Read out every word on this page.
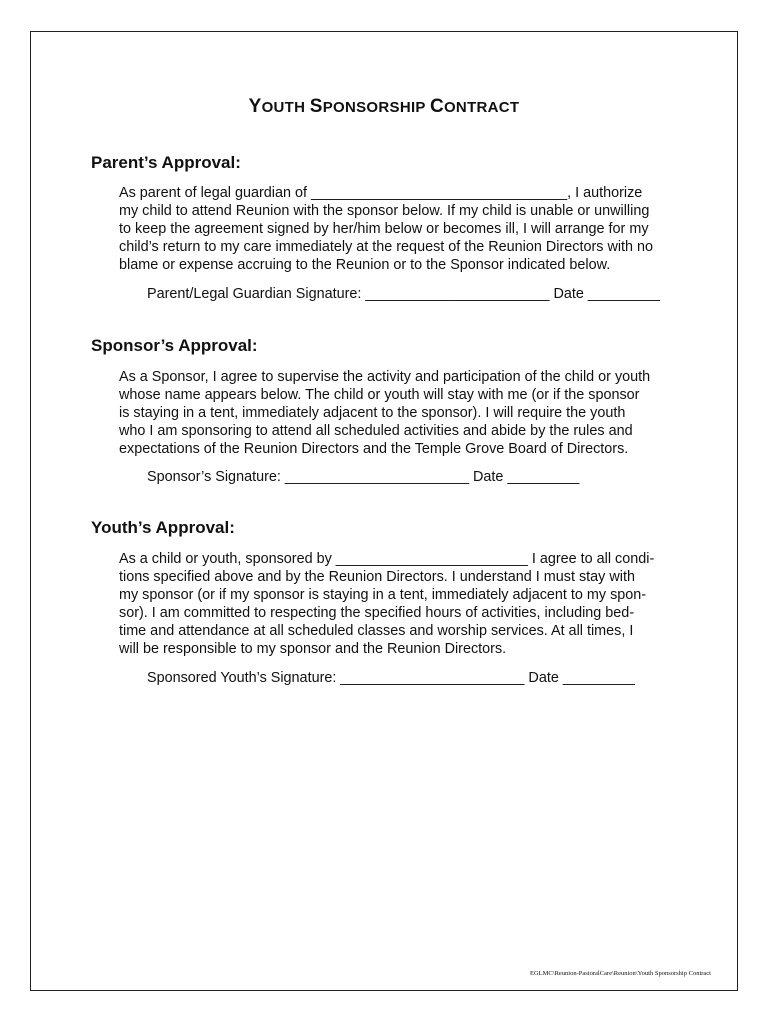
YOUTH SPONSORSHIP CONTRACT
Parent’s Approval:
As parent of legal guardian of ________________________________, I authorize
my child to attend Reunion with the sponsor below. If my child is unable or unwilling
to keep the agreement signed by her/him below or becomes ill, I will arrange for my
child’s return to my care immediately at the request of the Reunion Directors with no
blame or expense accruing to the Reunion or to the Sponsor indicated below.
Parent/Legal Guardian Signature: _______________________ Date _________
Sponsor’s Approval:
As a Sponsor, I agree to supervise the activity and participation of the child or youth
whose name appears below. The child or youth will stay with me (or if the sponsor
is staying in a tent, immediately adjacent to the sponsor). I will require the youth
who I am sponsoring to attend all scheduled activities and abide by the rules and
expectations of the Reunion Directors and the Temple Grove Board of Directors.
Sponsor’s Signature: _______________________ Date _________
Youth’s Approval:
As a child or youth, sponsored by ________________________ I agree to all condi-
tions specified above and by the Reunion Directors. I understand I must stay with
my sponsor (or if my sponsor is staying in a tent, immediately adjacent to my spon-
sor). I am committed to respecting the specified hours of activities, including bed-
time and attendance at all scheduled classes and worship services. At all times, I
will be responsible to my sponsor and the Reunion Directors.
Sponsored Youth’s Signature: _______________________ Date _________
EGLMC\Reunion-PastoralCare\Reunion\Youth Sponsorship Contract
